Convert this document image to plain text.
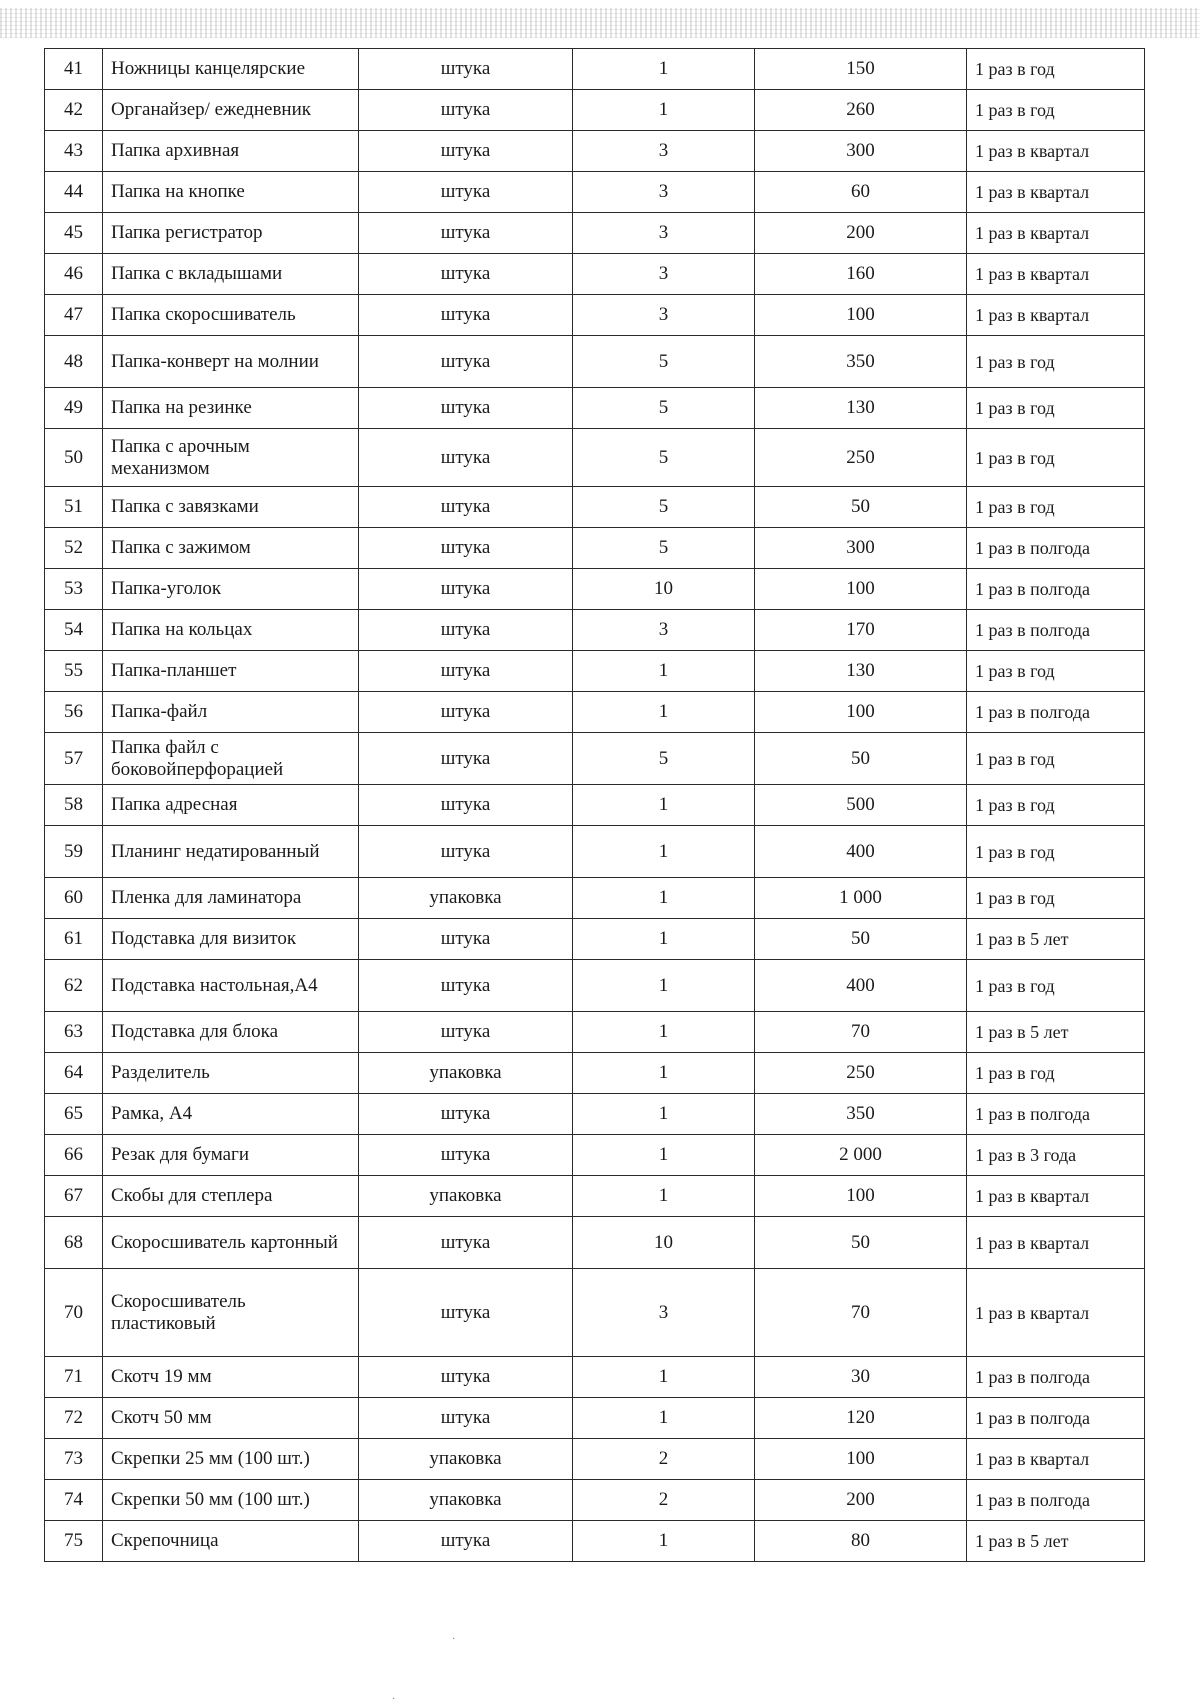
41	Ножницы канцелярские	штука	1	150	1 раз в год
42	Органайзер/ ежедневник	штука	1	260	1 раз в год
43	Папка архивная	штука	3	300	1 раз в квартал
44	Папка на кнопке	штука	3	60	1 раз в квартал
45	Папка регистратор	штука	3	200	1 раз в квартал
46	Папка с вкладышами	штука	3	160	1 раз в квартал
47	Папка скоросшиватель	штука	3	100	1 раз в квартал
48	Папка-конверт на молнии	штука	5	350	1 раз в год
49	Папка на резинке	штука	5	130	1 раз в год
50	Папка с арочным механизмом	штука	5	250	1 раз в год
51	Папка с завязками	штука	5	50	1 раз в год
52	Папка с зажимом	штука	5	300	1 раз в полгода
53	Папка-уголок	штука	10	100	1 раз в полгода
54	Папка на кольцах	штука	3	170	1 раз в полгода
55	Папка-планшет	штука	1	130	1 раз в год
56	Папка-файл	штука	1	100	1 раз в полгода
57	Папка файл с боковойперфорацией	штука	5	50	1 раз в год
58	Папка адресная	штука	1	500	1 раз в год
59	Планинг недатированный	штука	1	400	1 раз в год
60	Пленка для ламинатора	упаковка	1	1 000	1 раз в год
61	Подставка для визиток	штука	1	50	1 раз в 5 лет
62	Подставка настольная,А4	штука	1	400	1 раз в год
63	Подставка для блока	штука	1	70	1 раз в 5 лет
64	Разделитель	упаковка	1	250	1 раз в год
65	Рамка, А4	штука	1	350	1 раз в полгода
66	Резак для бумаги	штука	1	2 000	1 раз в 3 года
67	Скобы для степлера	упаковка	1	100	1 раз в квартал
68	Скоросшиватель картонный	штука	10	50	1 раз в квартал
70	Скоросшиватель пластиковый	штука	3	70	1 раз в квартал
71	Скотч 19 мм	штука	1	30	1 раз в полгода
72	Скотч 50 мм	штука	1	120	1 раз в полгода
73	Скрепки 25 мм (100 шт.)	упаковка	2	100	1 раз в квартал
74	Скрепки 50 мм (100 шт.)	упаковка	2	200	1 раз в полгода
75	Скрепочница	штука	1	80	1 раз в 5 лет
·
·
